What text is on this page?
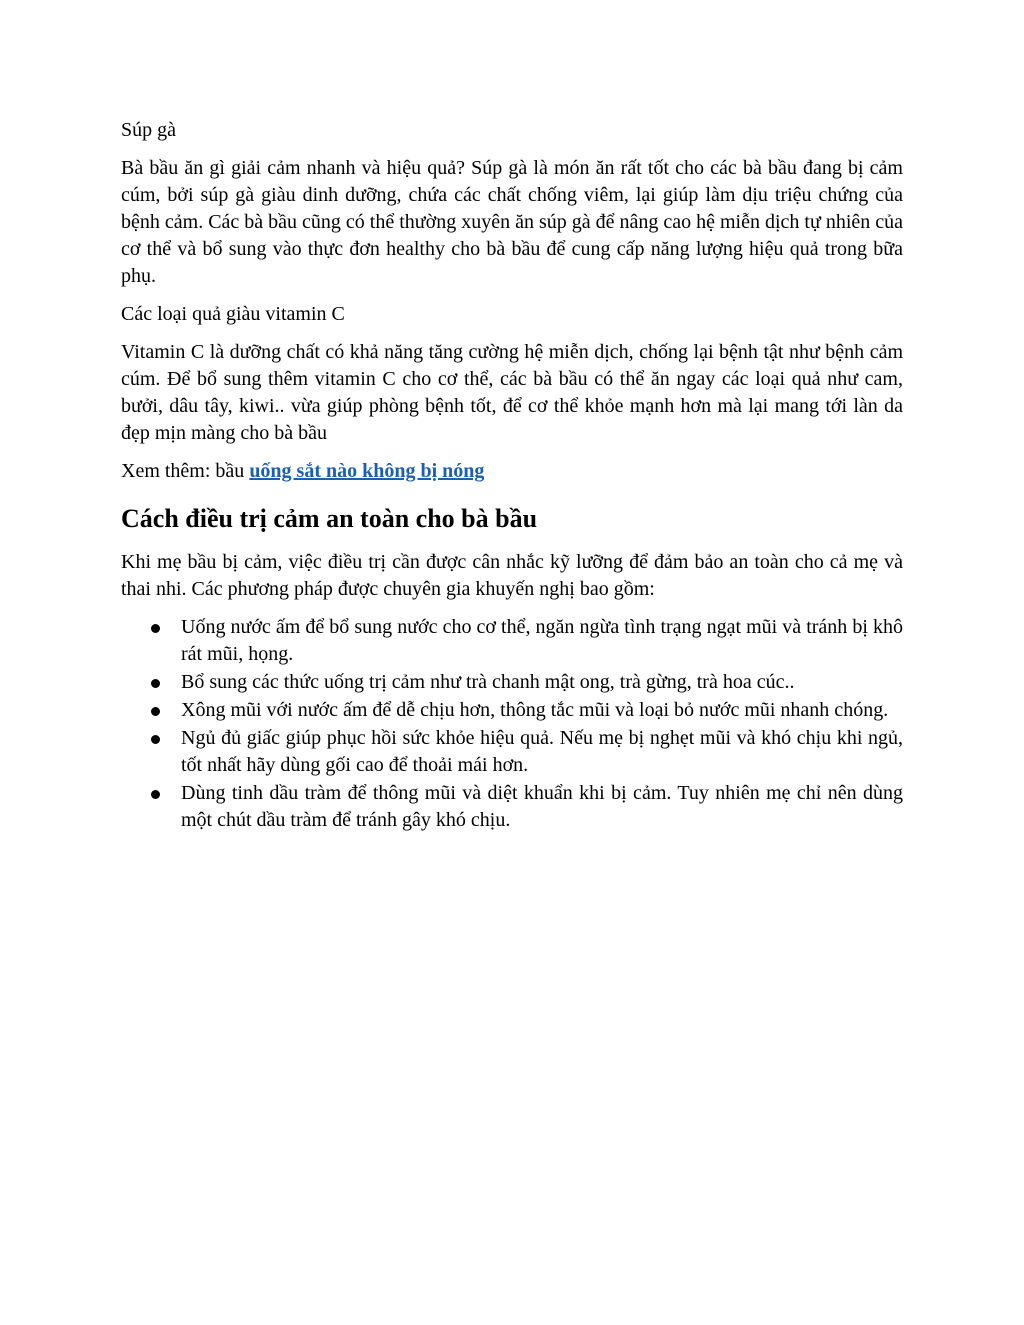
Súp gà

Bà bầu ăn gì giải cảm nhanh và hiệu quả? Súp gà là món ăn rất tốt cho các bà bầu đang bị cảm cúm, bởi súp gà giàu dinh dưỡng, chứa các chất chống viêm, lại giúp làm dịu triệu chứng của bệnh cảm. Các bà bầu cũng có thể thường xuyên ăn súp gà để nâng cao hệ miễn dịch tự nhiên của cơ thể và bổ sung vào thực đơn healthy cho bà bầu để cung cấp năng lượng hiệu quả trong bữa phụ.

Các loại quả giàu vitamin C

Vitamin C là dưỡng chất có khả năng tăng cường hệ miễn dịch, chống lại bệnh tật như bệnh cảm cúm. Để bổ sung thêm vitamin C cho cơ thể, các bà bầu có thể ăn ngay các loại quả như cam, bưởi, dâu tây, kiwi.. vừa giúp phòng bệnh tốt, để cơ thể khỏe mạnh hơn mà lại mang tới làn da đẹp mịn màng cho bà bầu

Xem thêm: bầu uống sắt nào không bị nóng

Cách điều trị cảm an toàn cho bà bầu

Khi mẹ bầu bị cảm, việc điều trị cần được cân nhắc kỹ lưỡng để đảm bảo an toàn cho cả mẹ và thai nhi. Các phương pháp được chuyên gia khuyến nghị bao gồm:

Uống nước ấm để bổ sung nước cho cơ thể, ngăn ngừa tình trạng ngạt mũi và tránh bị khô rát mũi, họng.
Bổ sung các thức uống trị cảm như trà chanh mật ong, trà gừng, trà hoa cúc..
Xông mũi với nước ấm để dễ chịu hơn, thông tắc mũi và loại bỏ nước mũi nhanh chóng.
Ngủ đủ giấc giúp phục hồi sức khỏe hiệu quả. Nếu mẹ bị nghẹt mũi và khó chịu khi ngủ, tốt nhất hãy dùng gối cao để thoải mái hơn.
Dùng tinh dầu tràm để thông mũi và diệt khuẩn khi bị cảm. Tuy nhiên mẹ chỉ nên dùng một chút dầu tràm để tránh gây khó chịu.
